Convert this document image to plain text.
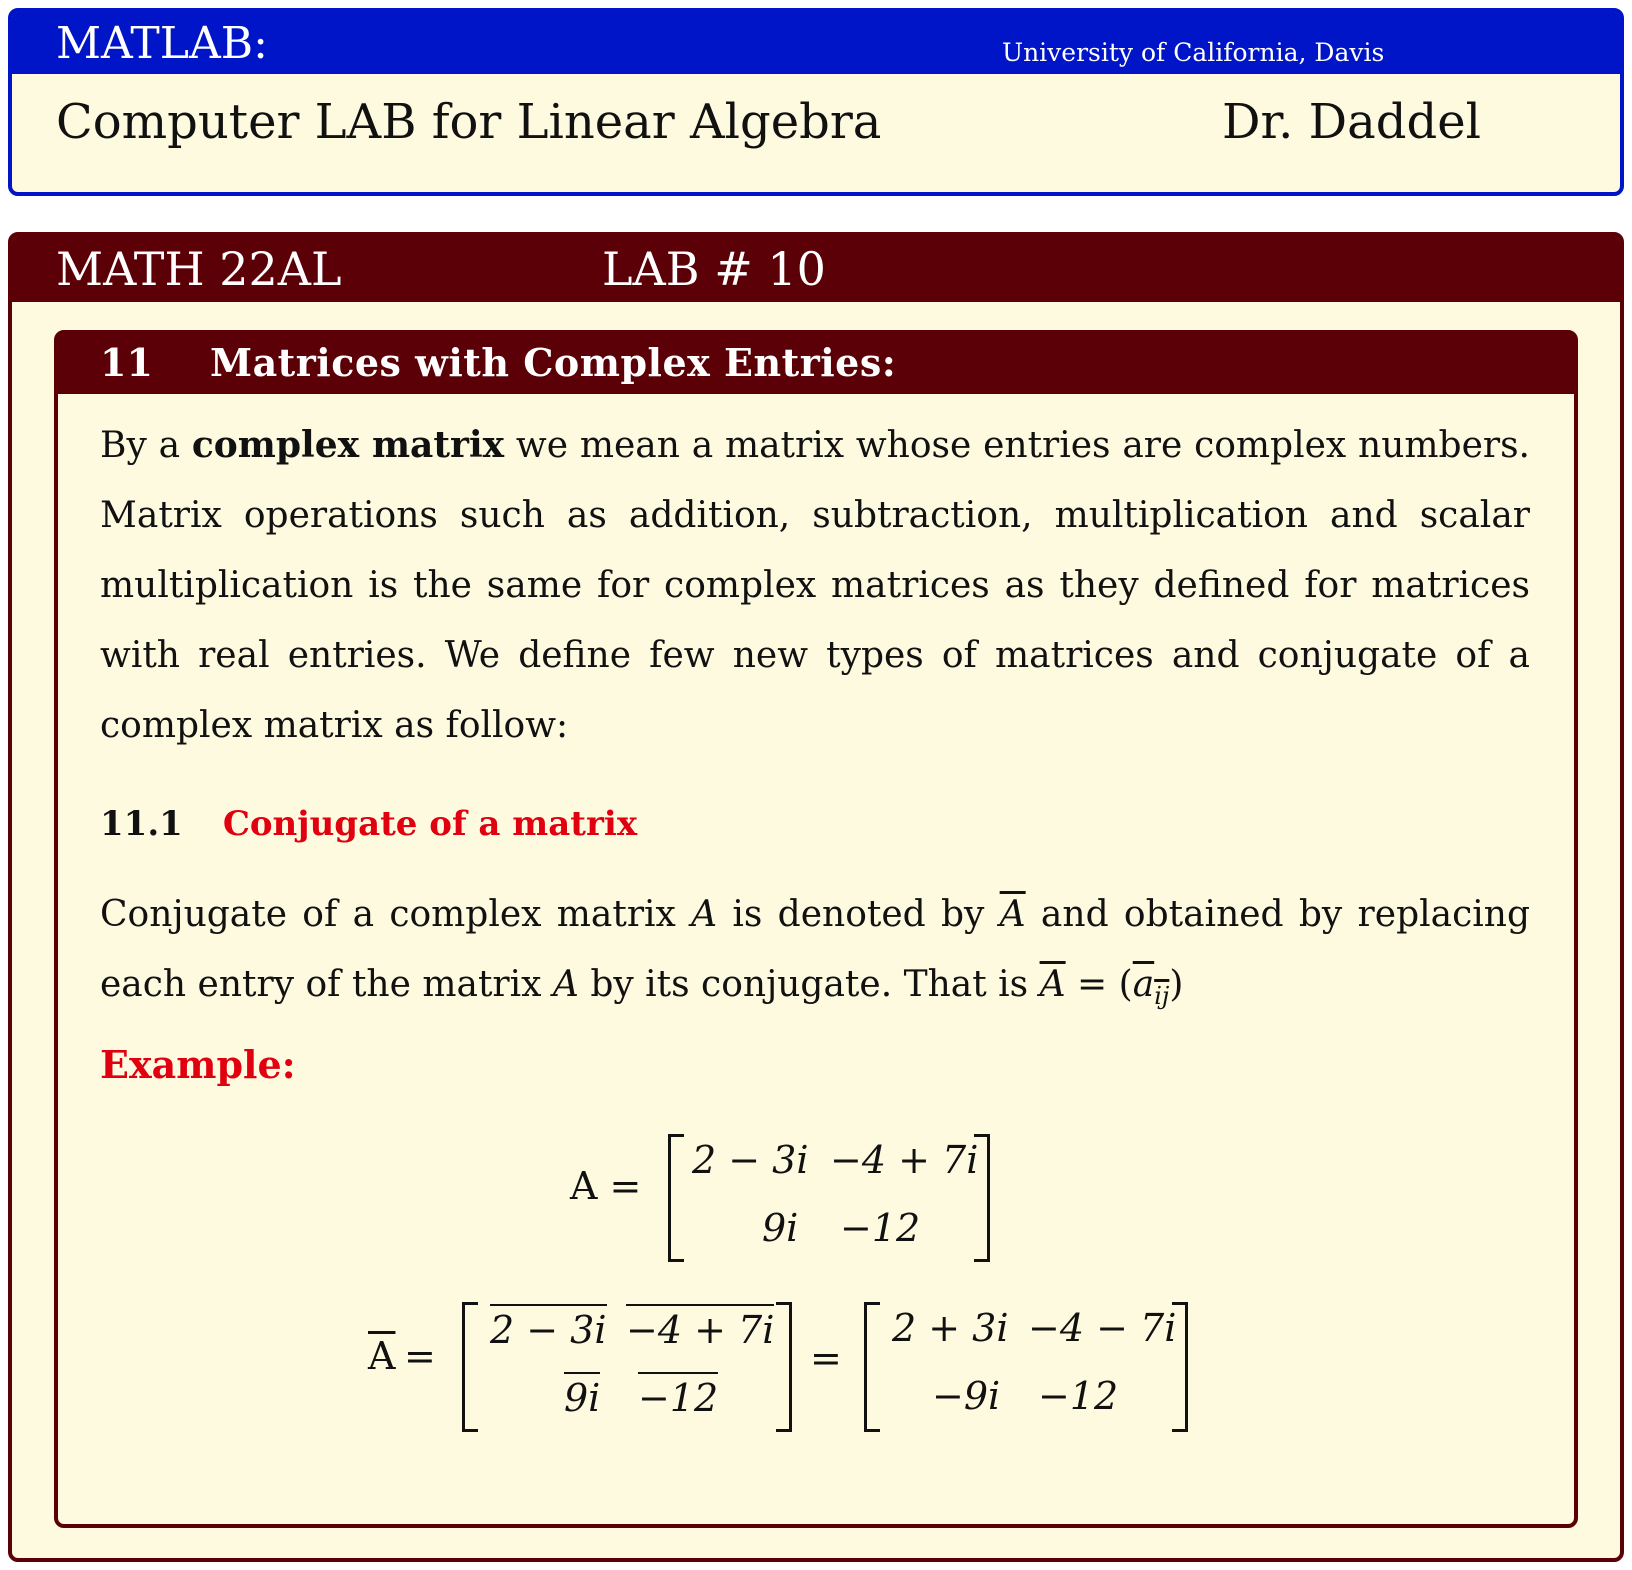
MATLAB:	University of California, Davis
Computer LAB for Linear Algebra	Dr. Daddel
MATH 22AL	LAB # 10
11 Matrices with Complex Entries:
By a complex matrix we mean a matrix whose entries are complex numbers. Matrix operations such as addition, subtraction, multiplication and scalar multiplication is the same for complex matrices as they defined for matrices with real entries. We define few new types of matrices and conjugate of a complex matrix as follow:
11.1 Conjugate of a matrix
Conjugate of a complex matrix A is denoted by $\overline{A}$ and obtained by replacing each entry of the matrix A by its conjugate. That is $\overline{A} = (a_{ij})$
Example:
A =
2 − 3i −4 + 7i
9i −12
$\overline{A}$ =
2 − 3i −4 + 7i
9i −12
=
2 + 3i −4 − 7i
−9i −12
